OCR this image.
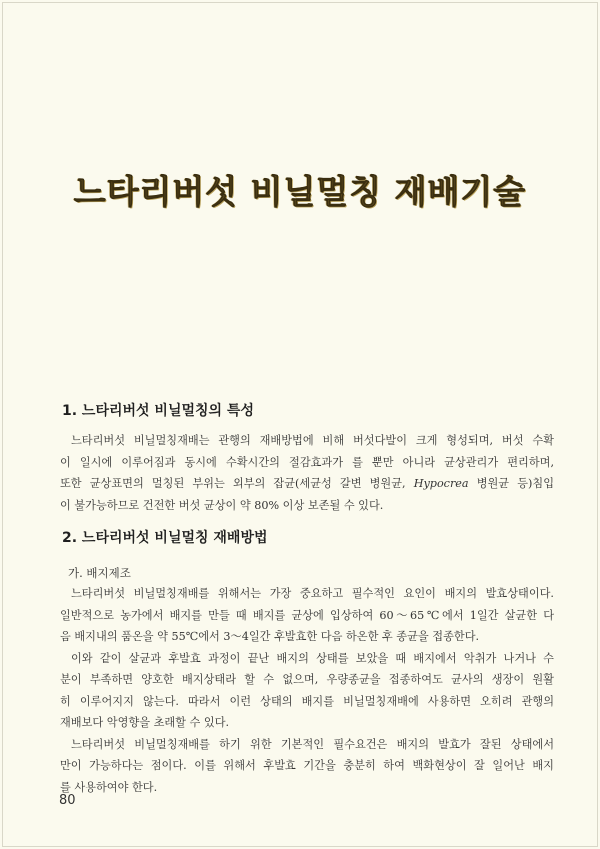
느타리버섯 비닐멀칭 재배기술
1. 느타리버섯 비닐멀칭의 특성
느타리버섯 비닐멀칭재배는 관행의 재배방법에 비해 버섯다발이 크게 형성되며, 버섯 수확
이 일시에 이루어짐과 동시에 수확시간의 절감효과가 를 뿐만 아니라 균상관리가 편리하며,
또한 균상표면의 멀칭된 부위는 외부의 잡균(세균성 갈변 병원균, Hypocrea 병원균 등)침입
이 불가능하므로 건전한 버섯 균상이 약 80% 이상 보존될 수 있다.
2. 느타리버섯 비닐멀칭 재배방법
가. 배지제조
느타리버섯 비닐멀칭재배를 위해서는 가장 중요하고 필수적인 요인이 배지의 발효상태이다.
일반적으로 농가에서 배지를 만들 때 배지를 균상에 입상하여 60～65℃에서 1일간 살균한 다
음 배지내의 품온을 약 55℃에서 3～4일간 후발효한 다음 하온한 후 종균을 접종한다.
이와 같이 살균과 후발효 과정이 끝난 배지의 상태를 보았을 때 배지에서 악취가 나거나 수
분이 부족하면 양호한 배지상태라 할 수 없으며, 우량종균을 접종하여도 균사의 생장이 원활
히 이루어지지 않는다. 따라서 이런 상태의 배지를 비닐멀칭재배에 사용하면 오히려 관행의
재배보다 악영향을 초래할 수 있다.
느타리버섯 비닐멀칭재배를 하기 위한 기본적인 필수요건은 배지의 발효가 잘된 상태에서
만이 가능하다는 점이다. 이를 위해서 후발효 기간을 충분히 하여 백화현상이 잘 일어난 배지
를 사용하여야 한다.
80
